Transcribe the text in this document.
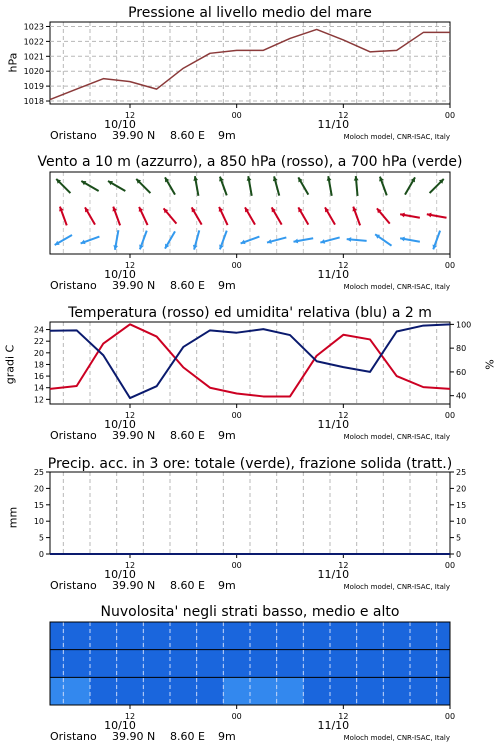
Pressione al livello medio del mare
hPa
12	00	12	00
10/10	11/10
Oristano 39.90 N 8.60 E 9m	Moloch model, CNR-ISAC, Italy
1018
1019
1020
1021
1022
1023
Vento a 10 m (azzurro), a 850 hPa (rosso), a 700 hPa (verde)
12	00	12	00
10/10	11/10
Oristano 39.90 N 8.60 E 9m	Moloch model, CNR-ISAC, Italy
Temperatura (rosso) ed umidita' relativa (blu) a 2 m
gradi C	%
12	00	12	00
10/10	11/10
Oristano 39.90 N 8.60 E 9m	Moloch model, CNR-ISAC, Italy
12
14
16
18
20
22
24
40
60
80
100
Precip. acc. in 3 ore: totale (verde), frazione solida (tratt.)
mm
12	00	12	00
10/10	11/10
Oristano 39.90 N 8.60 E 9m	Moloch model, CNR-ISAC, Italy
0
5
10
15
20
25
0
5
10
15
20
25
Nuvolosita' negli strati basso, medio e alto
12	00	12	00
10/10	11/10
Oristano 39.90 N 8.60 E 9m	Moloch model, CNR-ISAC, Italy
